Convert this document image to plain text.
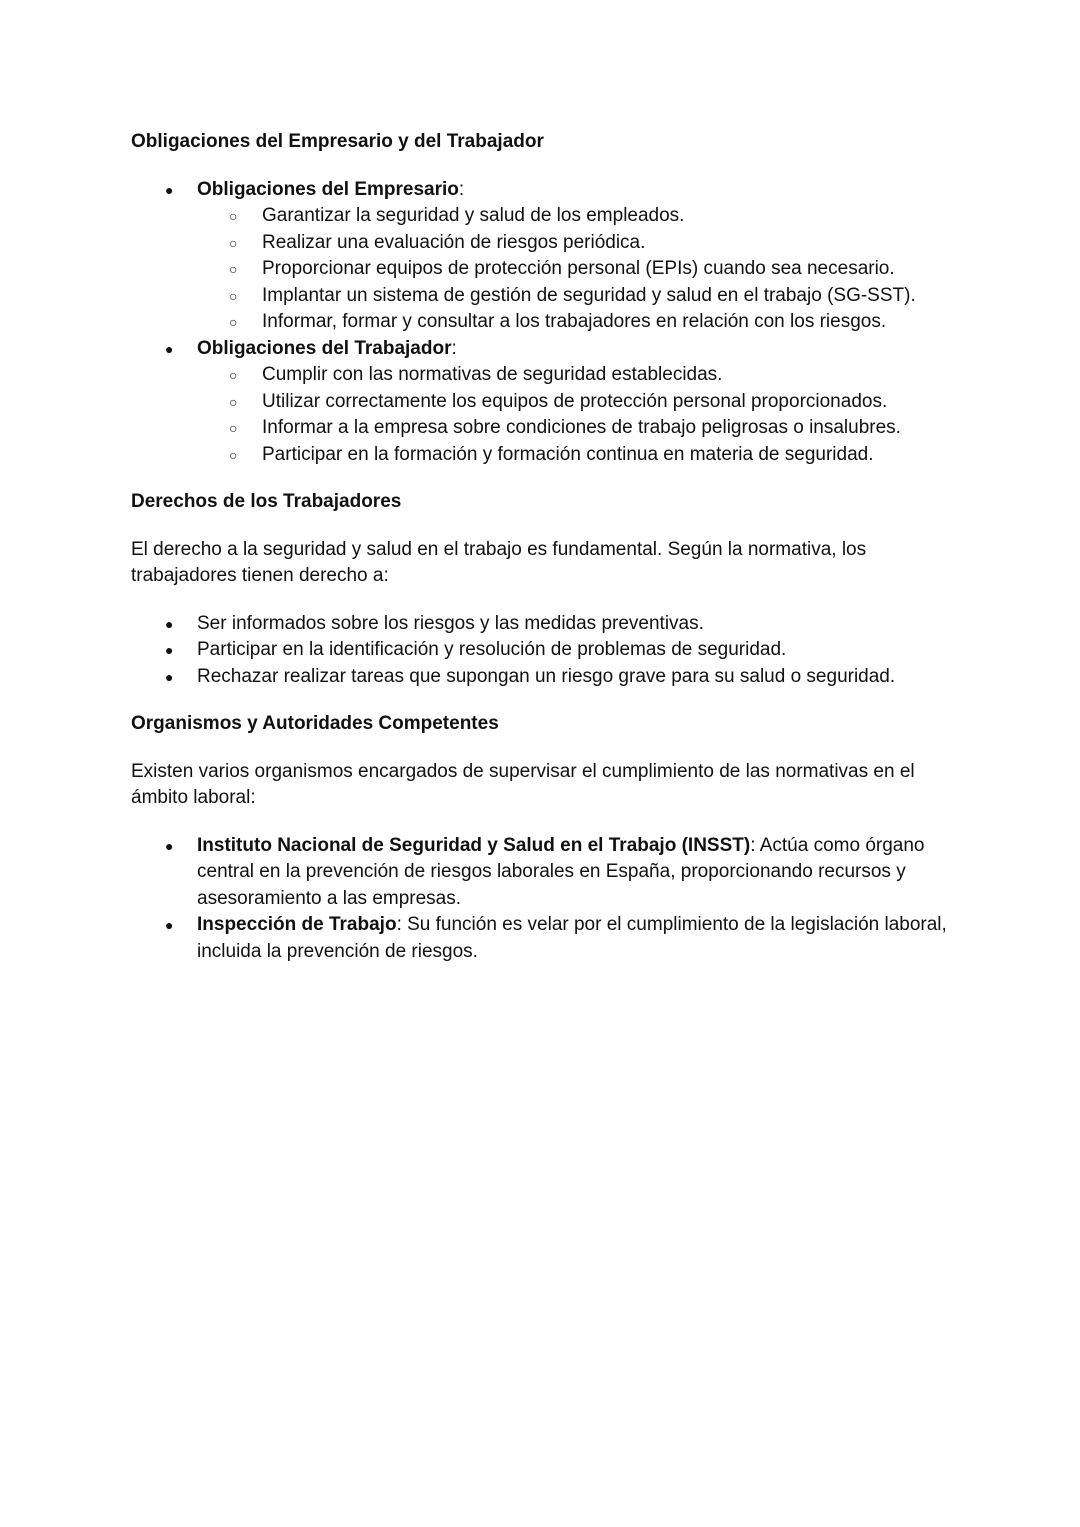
Obligaciones del Empresario y del Trabajador
● Obligaciones del Empresario:
○ Garantizar la seguridad y salud de los empleados.
○ Realizar una evaluación de riesgos periódica.
○ Proporcionar equipos de protección personal (EPIs) cuando sea necesario.
○ Implantar un sistema de gestión de seguridad y salud en el trabajo (SG-SST).
○ Informar, formar y consultar a los trabajadores en relación con los riesgos.
● Obligaciones del Trabajador:
○ Cumplir con las normativas de seguridad establecidas.
○ Utilizar correctamente los equipos de protección personal proporcionados.
○ Informar a la empresa sobre condiciones de trabajo peligrosas o insalubres.
○ Participar en la formación y formación continua en materia de seguridad.
Derechos de los Trabajadores

El derecho a la seguridad y salud en el trabajo es fundamental. Según la normativa, los trabajadores tienen derecho a:

● Ser informados sobre los riesgos y las medidas preventivas.
● Participar en la identificación y resolución de problemas de seguridad.
● Rechazar realizar tareas que supongan un riesgo grave para su salud o seguridad.
Organismos y Autoridades Competentes

Existen varios organismos encargados de supervisar el cumplimiento de las normativas en el ámbito laboral:

● Instituto Nacional de Seguridad y Salud en el Trabajo (INSST): Actúa como órgano central en la prevención de riesgos laborales en España, proporcionando recursos y asesoramiento a las empresas.
● Inspección de Trabajo: Su función es velar por el cumplimiento de la legislación laboral, incluida la prevención de riesgos.
